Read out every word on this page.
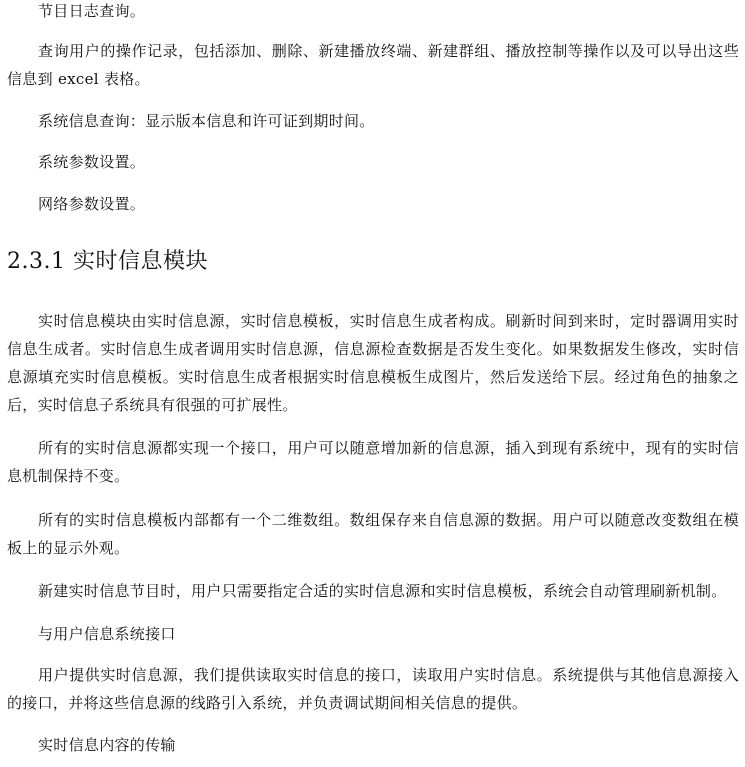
节目日志查询。

查询用户的操作记录，包括添加、删除、新建播放终端、新建群组、播放控制等操作以及可以导出这些信息到 excel 表格。

系统信息查询：显示版本信息和许可证到期时间。

系统参数设置。

网络参数设置。

2.3.1 实时信息模块

实时信息模块由实时信息源，实时信息模板，实时信息生成者构成。刷新时间到来时，定时器调用实时信息生成者。实时信息生成者调用实时信息源，信息源检查数据是否发生变化。如果数据发生修改，实时信息源填充实时信息模板。实时信息生成者根据实时信息模板生成图片，然后发送给下层。经过角色的抽象之后，实时信息子系统具有很强的可扩展性。

所有的实时信息源都实现一个接口，用户可以随意增加新的信息源，插入到现有系统中，现有的实时信息机制保持不变。

所有的实时信息模板内部都有一个二维数组。数组保存来自信息源的数据。用户可以随意改变数组在模板上的显示外观。

新建实时信息节目时，用户只需要指定合适的实时信息源和实时信息模板，系统会自动管理刷新机制。

与用户信息系统接口

用户提供实时信息源，我们提供读取实时信息的接口，读取用户实时信息。系统提供与其他信息源接入的接口，并将这些信息源的线路引入系统，并负责调试期间相关信息的提供。

实时信息内容的传输
